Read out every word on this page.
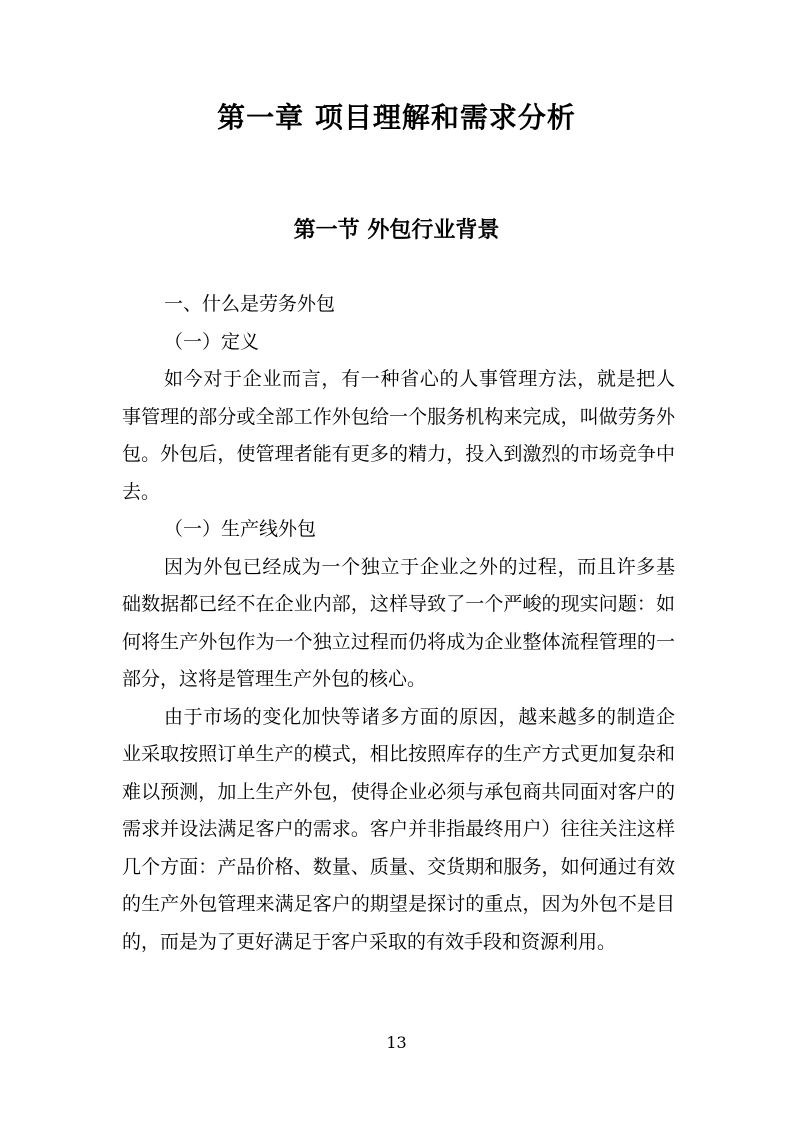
第一章 项目理解和需求分析
第一节 外包行业背景

一、什么是劳务外包

（一）定义

如今对于企业而言，有一种省心的人事管理方法，就是把人事管理的部分或全部工作外包给一个服务机构来完成，叫做劳务外包。外包后，使管理者能有更多的精力，投入到激烈的市场竞争中去。

（一）生产线外包

因为外包已经成为一个独立于企业之外的过程，而且许多基础数据都已经不在企业内部，这样导致了一个严峻的现实问题：如何将生产外包作为一个独立过程而仍将成为企业整体流程管理的一部分，这将是管理生产外包的核心。

由于市场的变化加快等诸多方面的原因，越来越多的制造企业采取按照订单生产的模式，相比按照库存的生产方式更加复杂和难以预测，加上生产外包，使得企业必须与承包商共同面对客户的需求并设法满足客户的需求。客户并非指最终用户）往往关注这样几个方面：产品价格、数量、质量、交货期和服务，如何通过有效的生产外包管理来满足客户的期望是探讨的重点，因为外包不是目的，而是为了更好满足于客户采取的有效手段和资源利用。

13
